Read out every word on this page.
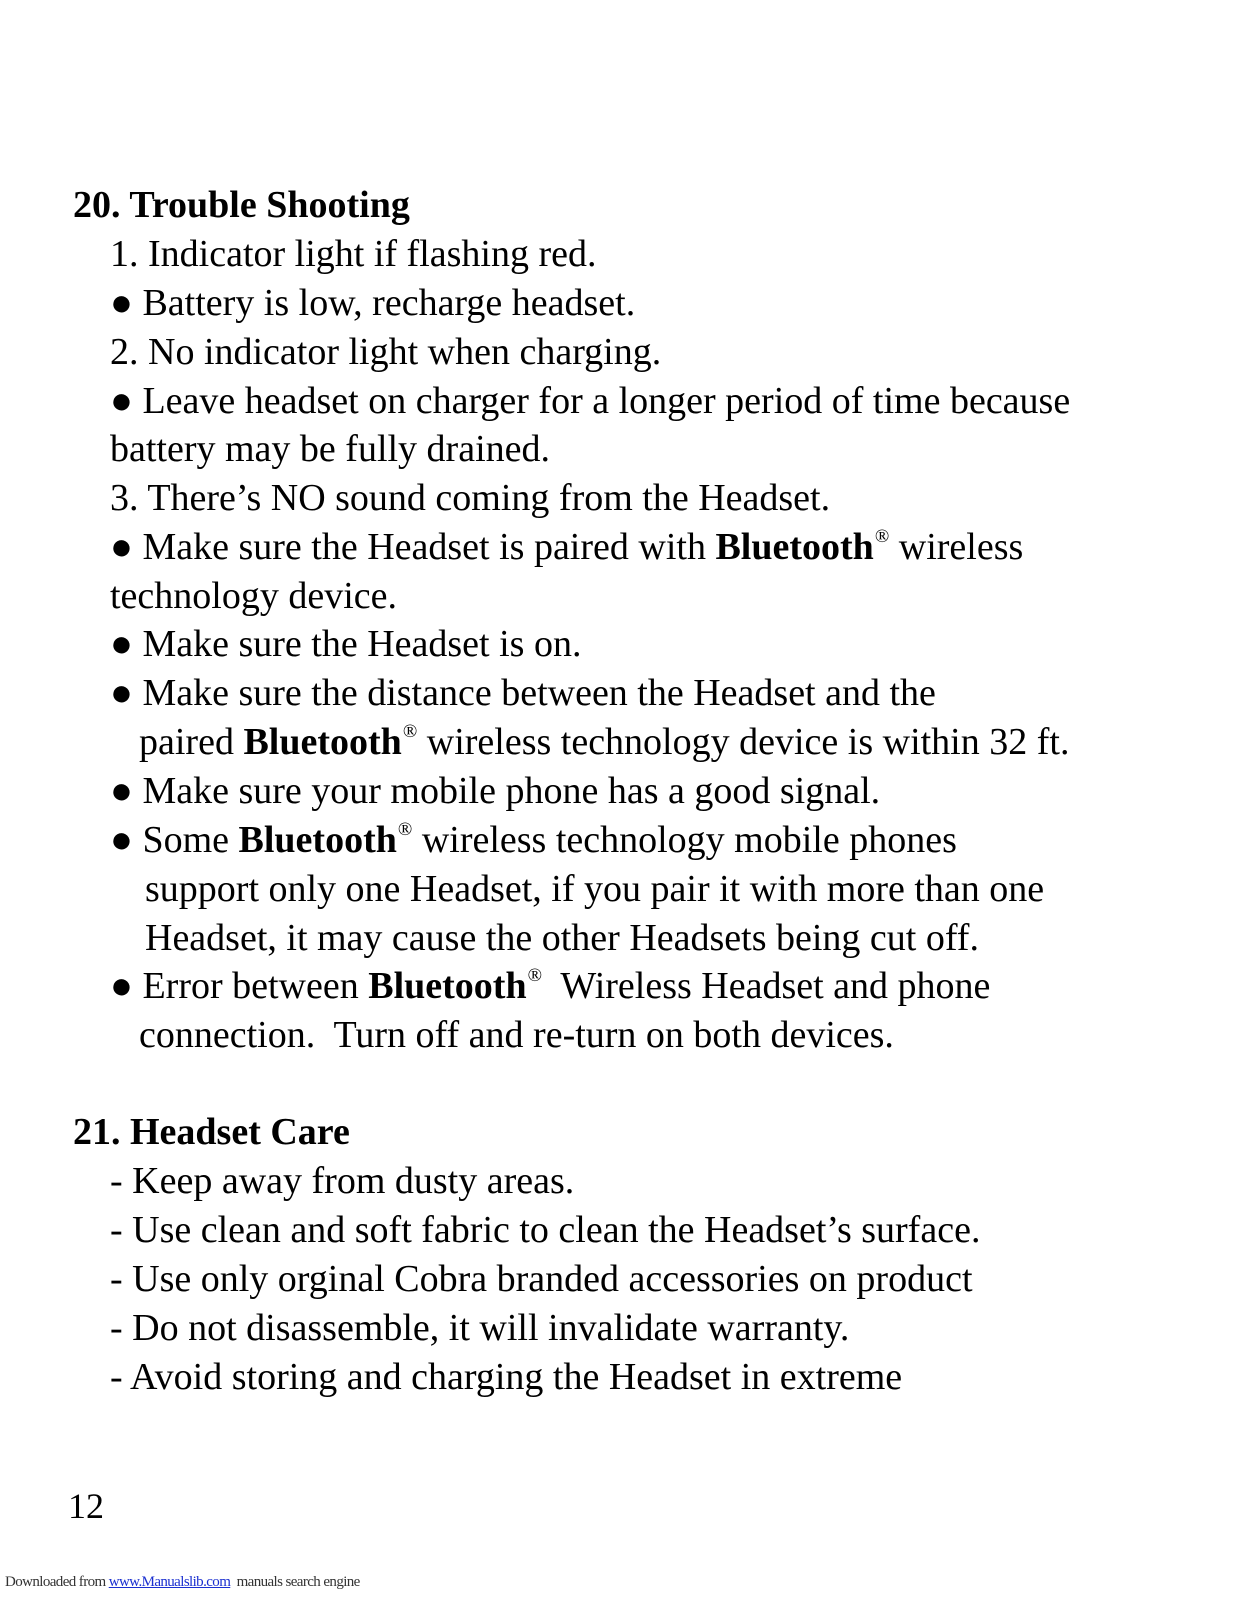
20. Trouble Shooting
1. Indicator light if flashing red.
● Battery is low, recharge headset.
2. No indicator light when charging.
● Leave headset on charger for a longer period of time because
battery may be fully drained.
3. There’s NO sound coming from the Headset.
● Make sure the Headset is paired with Bluetooth® wireless
technology device.
● Make sure the Headset is on.
● Make sure the distance between the Headset and the
paired Bluetooth® wireless technology device is within 32 ft.
● Make sure your mobile phone has a good signal.
● Some Bluetooth® wireless technology mobile phones
support only one Headset, if you pair it with more than one
Headset, it may cause the other Headsets being cut off.
● Error between Bluetooth®  Wireless Headset and phone
connection.  Turn off and re-turn on both devices.
21. Headset Care
- Keep away from dusty areas.
- Use clean and soft fabric to clean the Headset’s surface.
- Use only orginal Cobra branded accessories on product
- Do not disassemble, it will invalidate warranty.
- Avoid storing and charging the Headset in extreme
12
Downloaded from www.Manualslib.com  manuals search engine
